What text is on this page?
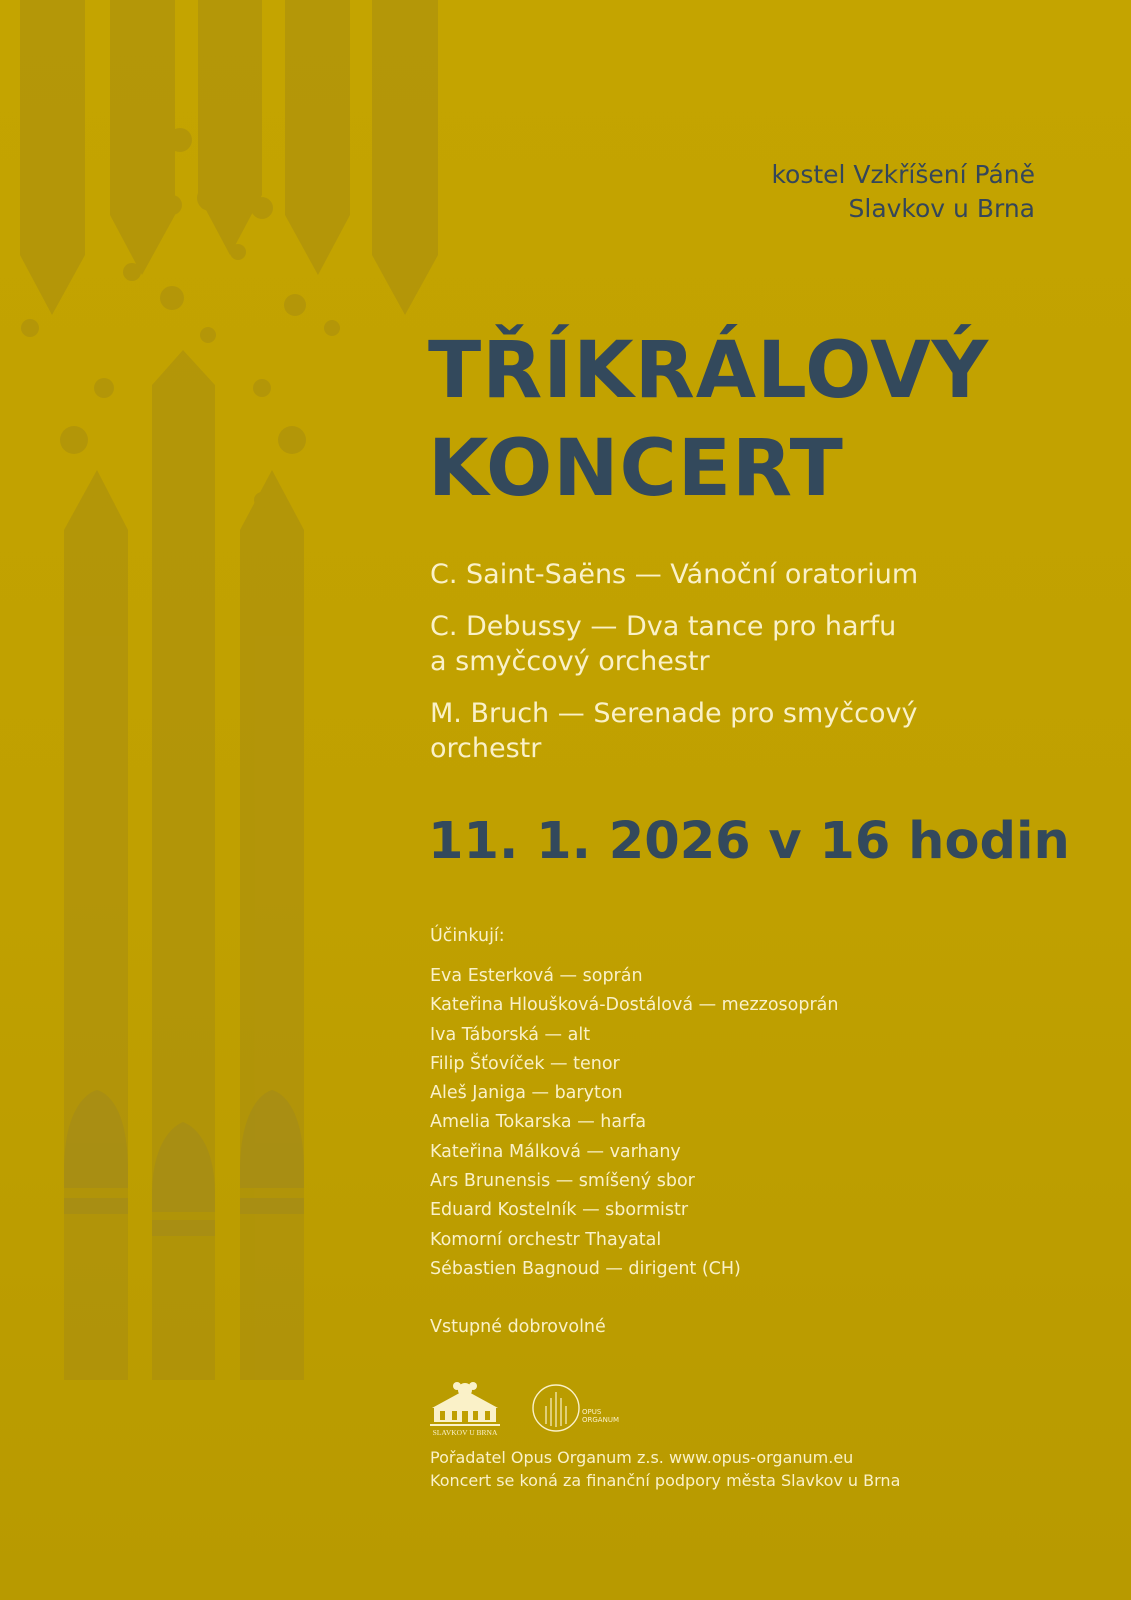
kostel Vzkříšení Páně
Slavkov u Brna
TŘÍKRÁLOVÝ
KONCERT
C. Saint-Saëns — Vánoční oratorium
C. Debussy — Dva tance pro harfu
a smyčcový orchestr
M. Bruch — Serenade pro smyčcový
orchestr
11. 1. 2026 v 16 hodin
Účinkují:
Eva Esterková — soprán
Kateřina Hloušková-Dostálová — mezzosoprán
Iva Táborská — alt
Filip Šťovíček — tenor
Aleš Janiga — baryton
Amelia Tokarska — harfa
Kateřina Málková — varhany
Ars Brunensis — smíšený sbor
Eduard Kostelník — sbormistr
Komorní orchestr Thayatal
Sébastien Bagnoud — dirigent (CH)
Vstupné dobrovolné
SLAVKOV U BRNA
OPUS
ORGANUM
Pořadatel Opus Organum z.s. www.opus-organum.eu
Koncert se koná za finanční podpory města Slavkov u Brna
